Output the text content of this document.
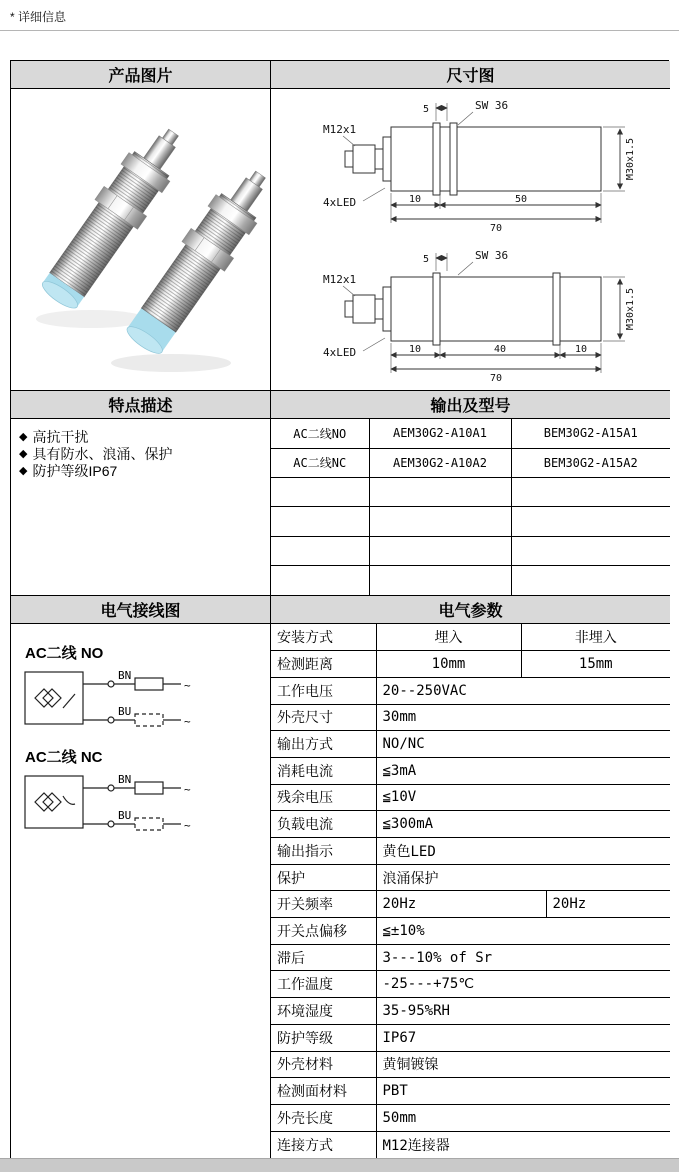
* 详细信息
产品图片	尺寸图
5	SW 36
M12x1
4xLED
M30x1.5
10	50
70
5	SW 36
M12x1
4xLED
M30x1.5
10	40	10
70
特点描述	输出及型号
◆ 高抗干扰
◆ 具有防水、浪涌、保护
◆ 防护等级IP67
AC二线NO	AEM30G2-A10A1	BEM30G2-A15A1
AC二线NC	AEM30G2-A10A2	BEM30G2-A15A2

电气接线图	电气参数
AC二线 NO
BN
~
BU
~
AC二线 NC
BN
~
BU
~
安装方式	埋入	非埋入	
检测距离	10mm	15mm	
工作电压	20--250VAC		
外壳尺寸	30mm		
输出方式	NO/NC		
消耗电流	≦3mA		
残余电压	≦10V		
负载电流	≦300mA		
输出指示	黄色LED		
保护	浪涌保护		
开关频率	20Hz		20Hz
开关点偏移	≦±10%		
滞后	3---10% of Sr		
工作温度	-25---+75℃		
环境湿度	35-95%RH		
防护等级	IP67		
外壳材料	黄铜镀镍		
检测面材料	PBT		
外壳长度	50mm		
连接方式	M12连接器		
